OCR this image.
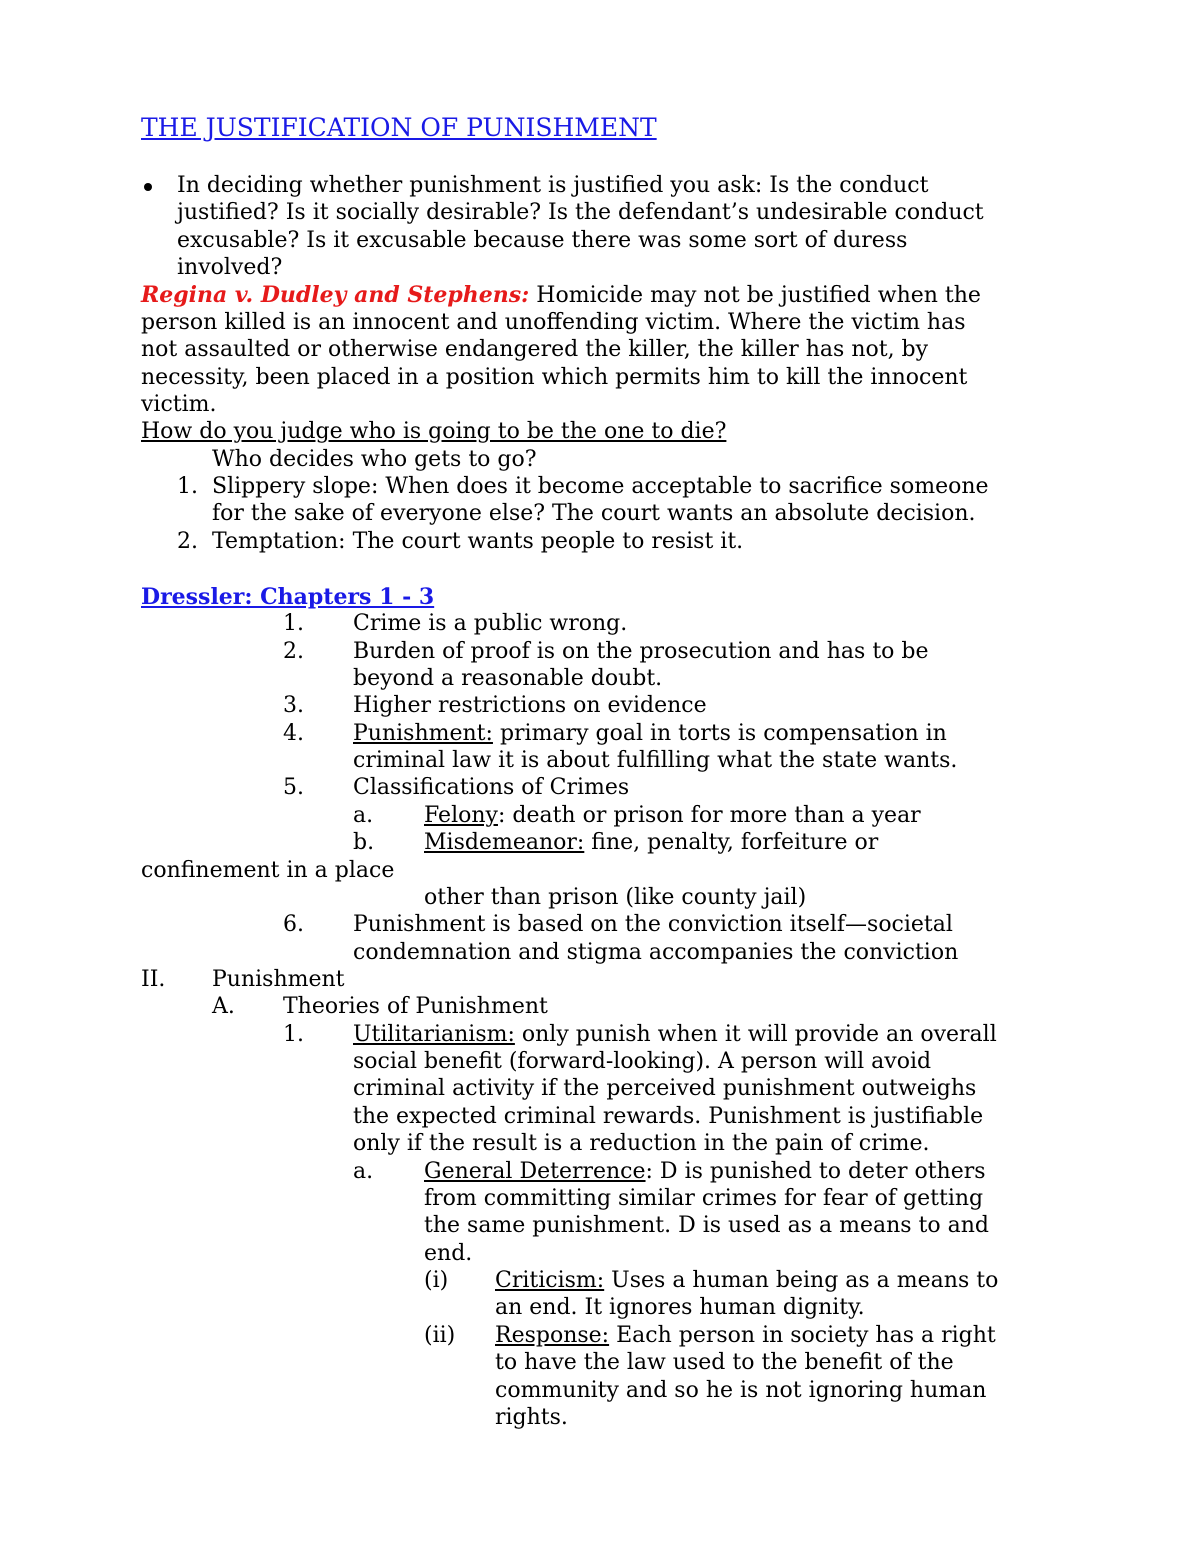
THE JUSTIFICATION OF PUNISHMENT
In deciding whether punishment is justified you ask: Is the conduct
justified? Is it socially desirable? Is the defendant’s undesirable conduct
excusable? Is it excusable because there was some sort of duress
involved?
Regina v. Dudley and Stephens: Homicide may not be justified when the
person killed is an innocent and unoffending victim. Where the victim has
not assaulted or otherwise endangered the killer, the killer has not, by
necessity, been placed in a position which permits him to kill the innocent
victim.
How do you judge who is going to be the one to die?
Who decides who gets to go?
1. Slippery slope: When does it become acceptable to sacrifice someone
for the sake of everyone else? The court wants an absolute decision.
2. Temptation: The court wants people to resist it.
Dressler: Chapters 1 - 3
1. Crime is a public wrong.
2. Burden of proof is on the prosecution and has to be
beyond a reasonable doubt.
3. Higher restrictions on evidence
4. Punishment: primary goal in torts is compensation in
criminal law it is about fulfilling what the state wants.
5. Classifications of Crimes
a. Felony: death or prison for more than a year
b. Misdemeanor: fine, penalty, forfeiture or
confinement in a place
other than prison (like county jail)
6. Punishment is based on the conviction itself—societal
condemnation and stigma accompanies the conviction
II. Punishment
A. Theories of Punishment
1. Utilitarianism: only punish when it will provide an overall
social benefit (forward-looking). A person will avoid
criminal activity if the perceived punishment outweighs
the expected criminal rewards. Punishment is justifiable
only if the result is a reduction in the pain of crime.
a. General Deterrence: D is punished to deter others
from committing similar crimes for fear of getting
the same punishment. D is used as a means to and
end.
(i) Criticism: Uses a human being as a means to
an end. It ignores human dignity.
(ii) Response: Each person in society has a right
to have the law used to the benefit of the
community and so he is not ignoring human
rights.
